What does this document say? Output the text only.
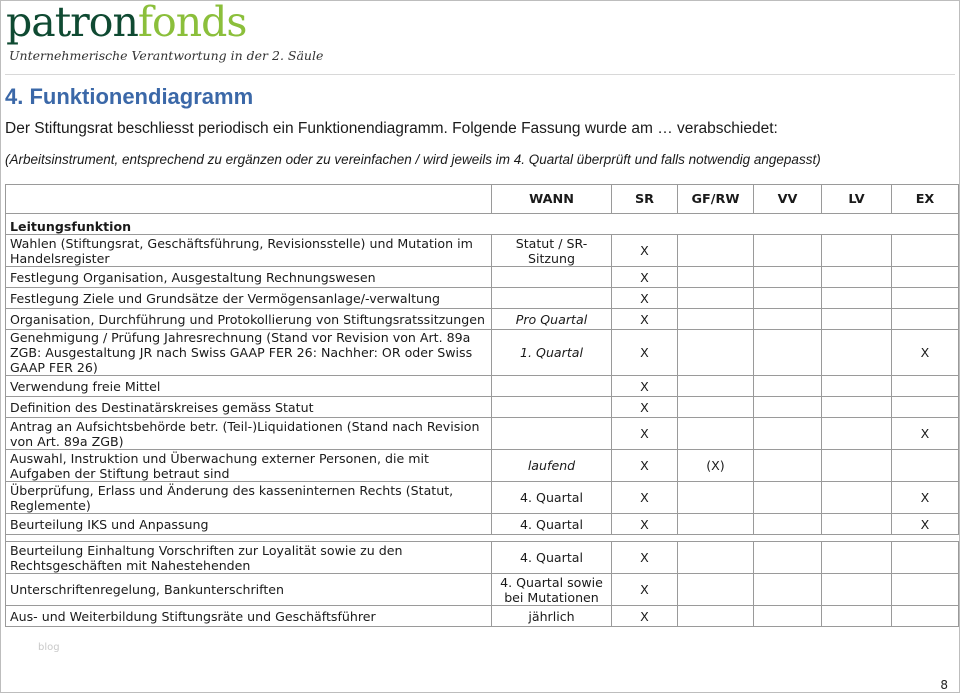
patronfonds
Unternehmerische Verantwortung in der 2. Säule
4. Funktionendiagramm
Der Stiftungsrat beschliesst periodisch ein Funktionendiagramm. Folgende Fassung wurde am … verabschiedet:
(Arbeitsinstrument, entsprechend zu ergänzen oder zu vereinfachen / wird jeweils im 4. Quartal überprüft und falls notwendig angepasst)
	WANN	SR	GF/RW	VV	LV	EX
Leitungsfunktion						
Wahlen (Stiftungsrat, Geschäftsführung, Revisionsstelle) und Mutation im Handelsregister	Statut / SR-Sitzung	X				
Festlegung Organisation, Ausgestaltung Rechnungswesen		X				
Festlegung Ziele und Grundsätze der Vermögensanlage/-verwaltung		X				
Organisation, Durchführung und Protokollierung von Stiftungsratssitzungen	Pro Quartal	X				
Genehmigung / Prüfung Jahresrechnung (Stand vor Revision von Art. 89a ZGB: Ausgestaltung JR nach Swiss GAAP FER 26: Nachher: OR oder Swiss GAAP FER 26)	1. Quartal	X				X
Verwendung freie Mittel		X				
Definition des Destinatärskreises gemäss Statut		X				
Antrag an Aufsichtsbehörde betr. (Teil-)Liquidationen (Stand nach Revision von Art. 89a ZGB)		X				X
Auswahl, Instruktion und Überwachung externer Personen, die mit Aufgaben der Stiftung betraut sind	laufend	X	(X)			
Überprüfung, Erlass und Änderung des kasseninternen Rechts (Statut, Reglemente)	4. Quartal	X				X
Beurteilung IKS und Anpassung	4. Quartal	X				X

Beurteilung Einhaltung Vorschriften zur Loyalität sowie zu den Rechtsgeschäften mit Nahestehenden	4. Quartal	X				
Unterschriftenregelung, Bankunterschriften	4. Quartal sowie bei Mutationen	X				
Aus- und Weiterbildung Stiftungsräte und Geschäftsführer	jährlich	X				
blog
8
